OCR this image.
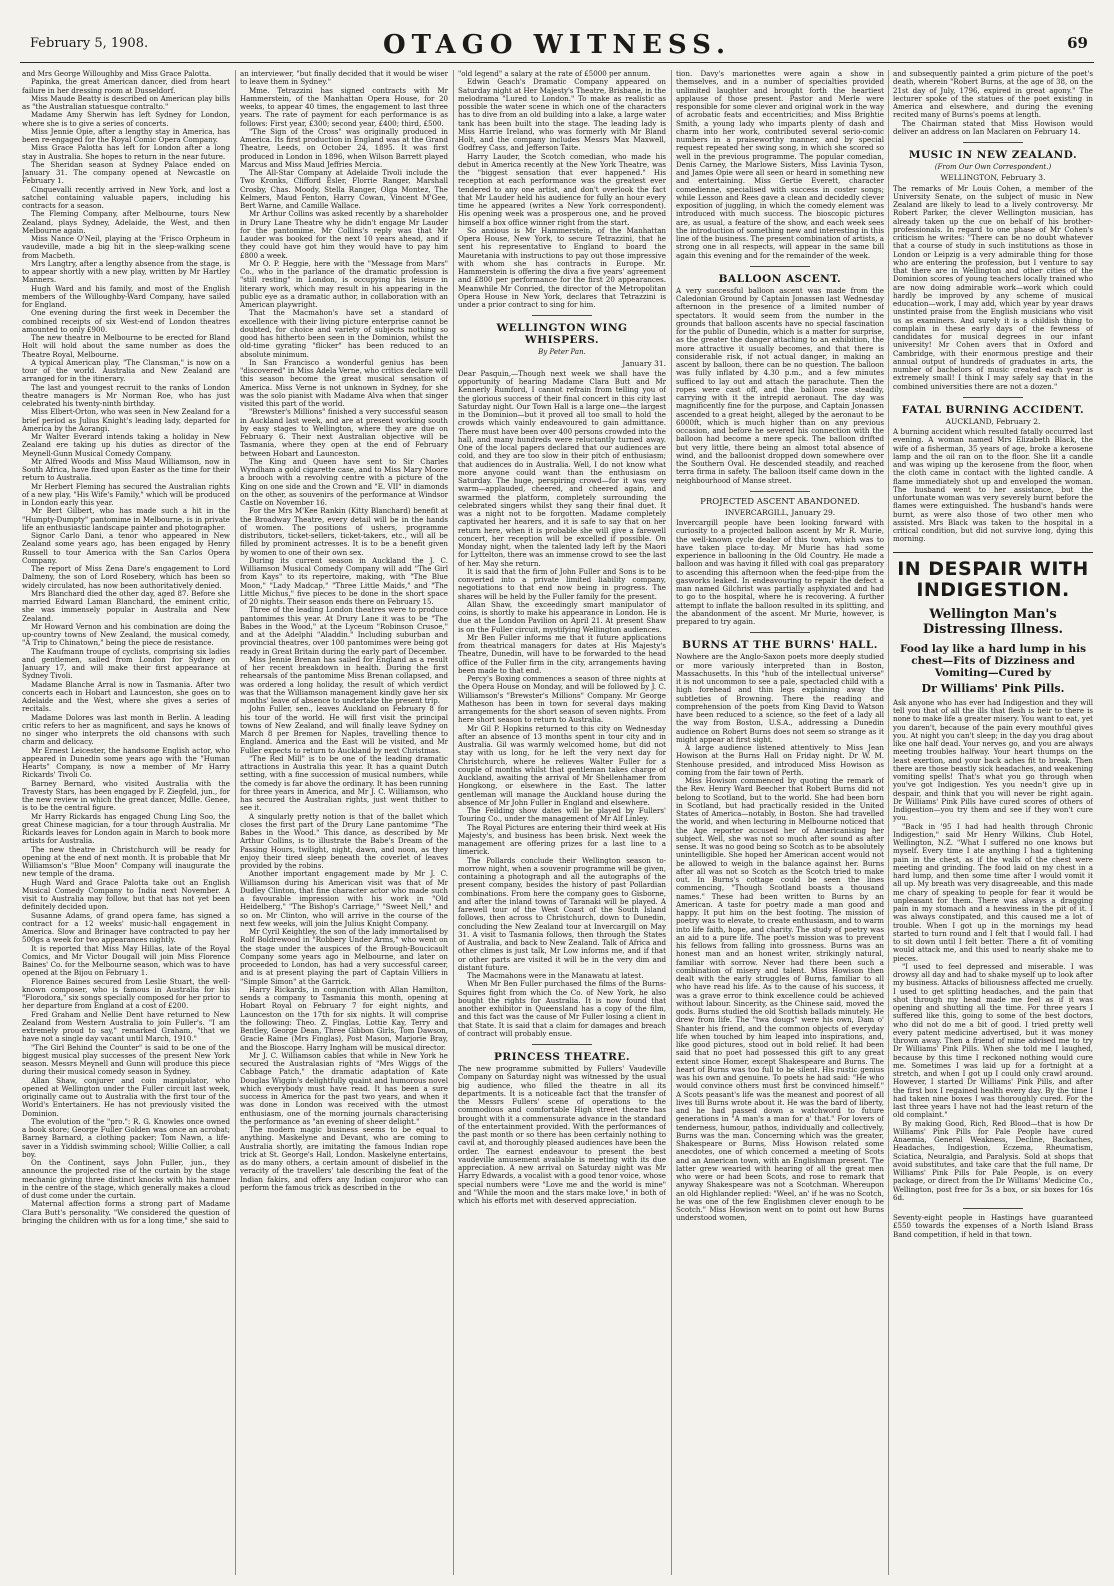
February 5, 1908.	OTAGO WITNESS.	69

and Mrs George Willoughby and Miss Grace Palotta.

Papinka, the great American dancer, died from heart failure in her dressing room at Dusseldorf.

Miss Maude Beatty is described on American play bills as "the Australian statuesque contralto."

Madame Amy Sherwin has left Sydney for London, where she is to give a series of concerts.

Miss Jennie Opie, after a lengthy stay in America, has been re-engaged for the Royal Comic Opera Company.

Miss Grace Palotta has left for London after a long stay in Australia. She hopes to return in the near future.

The Sheridan season at Sydney Palace ended on January 31. The company opened at Newcastle on February 1.

Cinquevalli recently arrived in New York, and lost a satchel containing valuable papers, including his contracts for a season.

The Fleming Company, after Melbourne, tours New Zealand, plays Sydney, Adelaide, the West, and then Melbourne again.

Miss Nance O'Neil, playing at the 'Frisco Orpheum in vaudeville, made a big hit in the sleep-walking scene from Macbeth.

Mrs Langtry, after a lengthy absence from the stage, is to appear shortly with a new play, written by Mr Hartley Manners.

Hugh Ward and his family, and most of the English members of the Willoughby-Ward Company, have sailed for England.

One evening during the first week in December the combined receipts of six West-end of London theatres amounted to only £900.

The new theatre in Melbourne to be erected for Bland Holt will hold about the same number as does the Theatre Royal, Melbourne.

A typical American play, "The Clansman," is now on a tour of the world. Australia and New Zealand are arranged for in the itinerary.

The last and youngest recruit to the ranks of London theatre managers is Mr Norman Roe, who has just celebrated his twenty-ninth birthday.

Miss Elbert-Orton, who was seen in New Zealand for a brief period as Julius Knight's leading lady, departed for America by the Aorangi.

Mr Walter Everard intends taking a holiday in New Zealand ere taking up his duties as director of the Meynell-Gunn Musical Comedy Company.

Mr Alfred Woods and Miss Maud Williamson, now in South Africa, have fixed upon Easter as the time for their return to Australia.

Mr Herbert Fleming has secured the Australian rights of a new play, "His Wife's Family," which will be produced in London early this year.

Mr Bert Gilbert, who has made such a hit in the "Humpty-Dumpty" pantomime in Melbourne, is in private life an enthusiastic landscape painter and photographer.

Signor Carlo Dani, a tenor who appeared in New Zealand some years ago, has been engaged by Henry Russell to tour America with the San Carlos Opera Company.

The report of Miss Zena Dare's engagement to Lord Dalmeny, the son of Lord Rosebery, which has been so widely circulated, has now been authoritatively denied.

Mrs Blanchard died the other day, aged 87. Before she married Edward Laman Blanchard, the eminent critic, she was immensely popular in Australia and New Zealand.

Mr Howard Vernon and his combination are doing the up-country towns of New Zealand, the musical comedy, "A Trip to Chinatown," being the piece de resistance.

The Kaufmann troupe of cyclists, comprising six ladies and gentlemen, sailed from London for Sydney on January 17, and will make their first appearance at Sydney Tivoli.

Madame Blanche Arral is now in Tasmania. After two concerts each in Hobart and Launceston, she goes on to Adelaide and the West, where she gives a series of recitals.

Madame Dolores was last month in Berlin. A leading critic refers to her as magnificent, and says he knows of no singer who interprets the old chansons with such charm and delicacy.

Mr Ernest Leicester, the handsome English actor, who appeared in Dunedin some years ago with the "Human Hearts" Company, is now a member of Mr Harry Rickards' Tivoli Co.

Barney Bernard, who visited Australia with the Travesty Stars, has been engaged by F. Ziegfeld, jun., for the new review in which the great dancer, Mdlle. Genee, is to be the central figure.

Mr Harry Rickards has engaged Chung Ling Soo, the great Chinese magician, for a tour through Australia. Mr Rickards leaves for London again in March to book more artists for Australia.

The new theatre in Christchurch will be ready for opening at the end of next month. It is probable that Mr Williamson's "Blue Moon" Company will inaugurate the new temple of the drama.

Hugh Ward and Grace Palotta take out an English Musical Comedy Company to India next November. A visit to Australia may follow, but that has not yet been definitely decided upon.

Susanne Adams, of grand opera fame, has signed a contract for a 12 weeks' music-hall engagement in America. Slow and Brinager have contracted to pay her 500gs a week for two appearances nightly.

It is reported that Miss May Hillas, late of the Royal Comics, and Mr Victor Dougall will join Miss Florence Baines' Co. for the Melbourne season, which was to have opened at the Bijou on February 1.

Florence Baines secured from Leslie Stuart, the well-known composer, who is famous in Australia for his "Florodora," six songs specially composed for her prior to her departure from England at a cost of £200.

Fred Graham and Nellie Dent have returned to New Zealand from Western Australia to join Fuller's. "I am extremely proud to say," remarked Graham, "that we have not a single day vacant until March, 1910."

"The Girl Behind the Counter" is said to be one of the biggest musical play successes of the present New York season. Messrs Meynell and Gunn will produce this piece during their musical comedy season in Sydney.

Allan Shaw, conjurer and coin manipulator, who opened at Wellington under the Fuller circuit last week, originally came out to Australia with the first tour of the World's Entertainers. He has not previously visited the Dominion.

The evolution of the "pro.": R. G. Knowles once owned a book store; George Fuller Golden was once an acrobat; Barney Barnard, a clothing packer; Tom Nawn, a life-saver in a Yiddish swimming school; Willie Collier, a call boy.

On the Continent, says John Fuller, jun., they announce the projected rise of the curtain by the stage mechanic giving three distinct knocks with his hammer in the centre of the stage, which generally makes a cloud of dust come under the curtain.

Maternal affection forms a strong part of Madame Clara Butt's personality. "We considered the question of bringing the children with us for a long time," she said to

an interviewer, "but finally decided that it would be wiser to leave them in Sydney."

Mme. Tetrazzini has signed contracts with Mr Hammerstein, of the Manhattan Opera House, for 20 weeks, to appear 40 times, the engagement to last three years. The rate of payment for each performance is as follows: First year, £300; second year, £400; third, £500.

"The Sign of the Cross" was originally produced in America. Its first production in England was at the Grand Theatre, Leeds, on October 24, 1895. It was first produced in London in 1896, when Wilson Barrett played Marcus and Miss Maud Jeffries Mercia.

The All-Star Company at Adelaide Tivoli include the Two Kronks, Clifford Esler, Florrie Ranger, Marshall Crosby, Chas. Moody, Stella Ranger, Olga Montez, The Kelmers, Maud Fenton, Harry Cowan, Vincent M'Gee, Bert Warne, and Camille Wallace.

Mr Arthur Collins was asked recently by a shareholder in Drury Lane Theatre why he didn't engage Mr Lauder for the pantomime. Mr Collins's reply was that Mr Lauder was booked for the next 10 years ahead, and if they could have got him they would have to pay him £800 a week.

Mr O. P. Heggie, here with the "Message from Mars" Co., who in the parlance of the dramatic profession is "still resting" in London, is occupying his leisure in literary work, which may result in his appearing in the public eye as a dramatic author, in collaboration with an American playwright.

That the Macmahon's have set a standard of excellence with their living picture enterprise cannot be doubted, for choice and variety of subjects nothing so good has hitherto been seen in the Dominion, whilst the old-time gyrating "flicker" has been reduced to an absolute minimum.

In San Francisco a wonderful genius has been "discovered" in Miss Adela Verne, who critics declare will this season become the great musical sensation of America. Miss Verne is not unknown in Sydney, for she was the solo pianist with Madame Alva when that singer visited this part of the world.

"Brewster's Millions" finished a very successful season in Auckland last week, and are at present working south by easy stages to Wellington, where they are due on February 6. Their next Australian objective will be Tasmania, where they open at the end of February between Hobart and Launceston.

The King and Queen have sent to Sir Charles Wyndham a gold cigarette case, and to Miss Mary Moore a brooch with a revolving centre with a picture of the King on one side and the Crown and "E. VII" in diamonds on the other, as souvenirs of the performance at Windsor Castle on November 16.

For the Mrs M'Kee Rankin (Kitty Blanchard) benefit at the Broadway Theatre, every detail will be in the hands of women. The positions of ushers, programme distributors, ticket-sellers, ticket-takers, etc., will all be filled by prominent actresses. It is to be a benefit given by women to one of their own sex.

During its current season in Auckland the J. C. Williamson Musical Comedy Company will add "The Girl from Kays" to its repertoire, making, with "The Blue Moon," "Lady Madcap," "Three Little Maids," and "The Little Michus," five pieces to be done in the short space of 20 nights. Their season ends there on February 15.

Three of the leading London theatres were to produce pantomimes this year. At Drury Lane it was to be "The Babes in the Wood," at the Lyceum "Robinson Crusoe," and at the Adelphi "Aladdin." Including suburban and provincial theatres, over 100 pantomimes were being got ready in Great Britain during the early part of December.

Miss Jennie Brenan has sailed for England as a result of her recent breakdown in health. During the first rehearsals of the pantomime Miss Brenan collapsed, and was ordered a long holiday, the result of which verdict was that the Williamson management kindly gave her six months' leave of absence to undertake the present trip.

John Fuller, sen., leaves Auckland on February 8 for his tour of the world. He will first visit the principal towns of New Zealand, and will finally leave Sydney on March 8 per Bremen for Naples, travelling thence to England. America and the East will be visited, and Mr Fuller expects to return to Auckland by next Christmas.

"The Red Mill" is to be one of the leading dramatic attractions in Australia this year. It has a quaint Dutch setting, with a fine succession of musical numbers, while the comedy is far above the ordinary. It has been running for three years in America, and Mr J. C. Williamson, who has secured the Australian rights, just went thither to see it.

A singularly pretty notion is that of the ballet which closes the first part of the Drury Lane pantomime "The Babes in the Wood." This dance, as described by Mr Arthur Collins, is to illustrate the Babe's Dream of the Passing Hours, twilight, night, dawn, and noon, as they enjoy their tired sleep beneath the coverlet of leaves provided by the robins.

Another important engagement made by Mr J. C. Williamson during his American visit was that of Mr Dudley Clinton, that fine character actor who made such a favourable impression with his work in "Old Heidelberg," "The Bishop's Carriage," "Sweet Nell," and so on. Mr Clinton, who will arrive in the course of the next few weeks, will join the Julius Knight Company.

Mr Cyril Keightley, the son of the lady immortalised by Rolf Boldrewood in "Robbery Under Arms," who went on the stage under the auspices of the Brough-Boucicault Company some years ago in Melbourne, and later on proceeded to London, has had a very successful career, and is at present playing the part of Captain Villiers in "Simple Simon" at the Garrick.

Harry Rickards, in conjunction with Allan Hamilton, sends a company to Tasmania this month, opening at Hobart Royal on February 7 for eight nights, and Launceston on the 17th for six nights. It will comprise the following: Theo. Z. Finglas, Lottie Kay, Terry and Bentley, George Dean, Three Gibbon Girls, Tom Dawson, Gracie Raine (Mrs Finglas), Post Mason, Marjorie Bray, and the Bioscope. Harry Ingham will be musical director.

Mr J. C. Williamson cables that while in New York he secured the Australasian rights of "Mrs Wiggs of the Cabbage Patch," the dramatic adaptation of Kate Douglas Wiggin's delightfully quaint and humorous novel which everybody must have read. It has been a sure success in America for the past two years, and when it was done in London was received with the utmost enthusiasm, one of the morning journals characterising the performance as "an evening of sheer delight."

The modern magic business seems to be equal to anything. Maskelyne and Devant, who are coming to Australia shortly, are imitating the famous Indian rope trick at St. George's Hall, London. Maskelyne entertains, as do many others, a certain amount of disbelief in the veracity of the travellers' tale describing the feat of the Indian fakirs, and offers any Indian conjuror who can perform the famous trick as described in the

"old legend" a salary at the rate of £5000 per annum.

Edwin Geach's Dramatic Company appeared on Saturday night at Her Majesty's Theatre, Brisbane, in the melodrama "Lured to London." To make as realistic as possible the water scene in which one of the characters has to dive from an old building into a lake, a large water tank has been built into the stage. The leading lady is Miss Harrie Ireland, who was formerly with Mr Bland Holt, and the company includes Messrs Max Maxwell, Godfrey Cass, and Jefferson Taite.

Harry Lauder, the Scotch comedian, who made his debut in America recently at the New York Theatre, was the "biggest sensation that ever happened." His reception at each performance was the greatest ever tendered to any one artist, and don't overlook the fact that Mr Lauder held his audience for fully an hour every time he appeared (writes a New York correspondent). His opening week was a prosperous one, and he proved himself a box office winner right from the start.

So anxious is Mr Hammerstein, of the Manhattan Opera House, New York, to secure Tetrazzini, that he sent his representative to England to board the Mauretania with instructions to pay out those impressive with whom she has contracts in Europe. Mr. Hammerstein is offering the diva a five years' agreement and £800 per performance for the first 20 appearances. Meanwhile Mr Conried, the director of the Metropolitan Opera House in New York, declares that Tetrazzini is under a prior contract to sing for him.

WELLINGTON WING WHISPERS.
By Peter Pan.
January 31.

Dear Pasquin,—Though next week we shall have the opportunity of hearing Madame Clara Butt and Mr Kennerly Rumford, I cannot refrain from telling you of the glorious success of their final concert in this city last Saturday night. Our Town Hall is a large one—the largest in the Dominion—but it proved all too small to hold the crowds which vainly endeavoured to gain admittance. There must have been over 400 persons crowded into the hall, and many hundreds were reluctantly turned away. One of the local papers declared that our audiences are cold, and they are too slow in their pitch of enthusiasm; that audiences do in Australia. Well, I do not know what more anyone could want than the enthusiasm on Saturday. The huge, perspiring crowd—for it was very warm—applauded, cheered, and cheered again, and swarmed the platform, completely surrounding the celebrated singers whilst they sang their final duet. It was a night not to be forgotten. Madame completely captivated her hearers, and it is safe to say that on her return here, when it is probable she will give a farewell concert, her reception will be excelled if possible. On Monday night, when the talented lady left by the Maori for Lyttelton, there was an immense crowd to see the last of her. May she return.

It is said that the firm of John Fuller and Sons is to be converted into a private limited liability company, negotiations to that end now being in progress. The shares will be held by the Fuller family for the present.

Allan Shaw, the exceedingly smart manipulator of coins, is shortly to make his appearance in London. He is due at the London Pavilion on April 21. At present Shaw is on the Fuller circuit, mystifying Wellington audiences.

Mr Ben Fuller informs me that it future applications from theatrical managers for dates at His Majesty's Theatre, Dunedin, will have to be forwarded to the head office of the Fuller firm in the city, arrangements having been made to that end.

Percy's Boxing commences a season of three nights at the Opera House on Monday, and will be followed by J. C. Williamson's "Brewster's Millions" Company. Mr George Matheson has been in town for several days making arrangements for the short season of seven nights. From here short season to return to Australia.

Mr Gil P. Hopkins returned to this city on Wednesday after an absence of 13 months spent in tour city and in Australia. Gil was warmly welcomed home, but did not stay with us long, for he left the very next day for Christchurch, where he relieves Walter Fuller for a couple of months whilst that gentleman takes charge of Auckland, awaiting the arrival of Mr Shellenhamer from Hongkong, or elsewhere in the East. The latter gentleman will manage the Auckland house during the absence of Mr John Fuller in England and elsewhere.

The Feilding show dates will be played by Fullers' Touring Co., under the management of Mr Alf Linley.

The Royal Pictures are entering their third week at His Majesty's, and business has been brisk. Next week the management are offering prizes for a last line to a limerick.

The Pollards conclude their Wellington season to-morrow night, when a souvenir programme will be given, containing a photograph and all the autographs of the present company, besides the history of past Pollardian combinations. From here the company goes to Gisborne, and after the inland towns of Taranaki will be played. A farewell tour of the West Coast of the South Island follows, then across to Christchurch, down to Dunedin, concluding the New Zealand tour at Invercargill on May 31. A visit to Tasmania follows, then through the States of Australia, and back to New Zealand. Talk of Africa and other climes is just talk, Mr Low informs me, and if that or other parts are visited it will be in the very dim and distant future.

The Macmahons were in the Manawatu at latest.

When Mr Ben Fuller purchased the films of the Burns-Squires fight from which the Co. of New York, he also bought the rights for Australia. It is now found that another exhibitor in Queensland has a copy of the film, and this fact was the cause of Mr Fuller losing a client in that State. It is said that a claim for damages and breach of contract will probably ensue.

PRINCESS THEATRE.

The new programme submitted by Fullers' Vaudeville Company on Saturday night was witnessed by the usual big audience, who filled the theatre in all its departments. It is a noticeable fact that the transfer of the Messrs Fullers' scene of operations to the commodious and comfortable High street theatre has brought with it a commensurate advance in the standard of the entertainment provided. With the performances of the past month or so there has been certainly nothing to cavil at, and thoroughly pleased audiences have been the order. The earnest endeavour to present the best vaudeville amusement available is meeting with its due appreciation. A new arrival on Saturday night was Mr Harry Edwards, a vocalist with a good tenor voice, whose special numbers were "Love me and the world is mine" and "While the moon and the stars make love," in both of which his efforts met with deserved appreciation.

tion. Davy's marionettes were again a show in themselves, and in a number of specialties provided unlimited laughter and brought forth the heartiest applause of those present. Pastor and Merle were responsible for some clever and original work in the way of acrobatic feats and eccentricities; and Miss Brightie Smith, a young lady who imparts plenty of dash and charm into her work, contributed several serio-comic numbers in a praiseworthy manner, and by special request repeated her swing song, in which she scored so well in the previous programme. The popular comedian, Denis Carney, the Marlowe Sisters, Miss Lavinia Tyson, and James Opie were all seen or heard in something new and entertaining. Miss Gertie Everett, character comedienne, specialised with success in coster songs; while Lesson and Rees gave a clean and decidedly clever exposition of juggling, in which the comedy element was introduced with much success. The bioscopic pictures are, as usual, a feature of the show, and each week sees the introduction of something new and interesting in this line of the business. The present combination of artists, a strong one in all respects, will appear in the same bill again this evening and for the remainder of the week.

BALLOON ASCENT.

A very successful balloon ascent was made from the Caledonian Ground by Captain Jonassen last Wednesday afternoon in the presence of a limited number of spectators. It would seem from the number in the grounds that balloon ascents have no special fascination for the public of Dunedin, which is a matter for surprise, as the greater the danger attaching to an exhibition, the more attractive it usually becomes, and that there is considerable risk, if not actual danger, in making an ascent by balloon, there can be no question. The balloon was fully inflated by 4.30 p.m., and a few minutes sufficed to lay out and attach the parachute. Then the ropes were cast off, and the balloon rose steadily, carrying with it the intrepid aeronaut. The day was magnificently fine for the purpose, and Captain Jonassen ascended to a great height, alleged by the aeronaut to be 6000ft, which is much higher than on any previous occasion, and before he severed his connection with the balloon had become a mere speck. The balloon drifted but very little, there being an almost total absence of wind, and the balloonist dropped down somewhere over the Southern Oval. He descended steadily, and reached terra firma in safety. The balloon itself came down in the neighbourhood of Manse street.

PROJECTED ASCENT ABANDONED.
INVERCARGILL, January 29.

Invercargill people have been looking forward with curiosity to a projected balloon ascent by Mr R. Murie, the well-known cycle dealer of this town, which was to have taken place to-day. Mr Murie has had some experience in ballooning in the Old Country. He made a balloon and was having it filled with coal gas preparatory to ascending this afternoon when the feed-pipe from the gasworks leaked. In endeavouring to repair the defect a man named Gilchrist was partially asphyxiated and had to go to the hospital, where he is recovering. A further attempt to inflate the balloon resulted in its splitting, and the abandonment of the ascent. Mr Murie, however, is prepared to try again.

BURNS AT THE BURNS' HALL.

Nowhere are the Anglo-Saxon poets more deeply studied or more variously interpreted than in Boston, Massachusetts. In this "hub of the intellectual universe" it is not uncommon to see a pale, spectacled child with a high forehead and thin legs explaining away the subtleties of Browning. There the reading and comprehension of the poets from King David to Watson have been reduced to a science, so the feet of a lady all the way from Boston, U.S.A., addressing a Dunedin audience on Robert Burns does not seem so strange as it might appear at first sight.

A large audience listened attentively to Miss Jean Howison at the Burns Hall on Friday night. Dr W. M. Stenhouse presided, and introduced Miss Howison as coming from the fair town of Perth.

Miss Howison commenced by quoting the remark of the Rev. Henry Ward Beecher that Robert Burns did not belong to Scotland, but to the world. She had been born in Scotland, but had practically resided in the United States of America—notably, in Boston. She had travelled the world, and when lecturing in Melbourne noticed that the Age reporter accused her of Americanising her subject. Well, she was not so much after sound as after sense. It was no good being so Scotch as to be absolutely unintelligible. She hoped her American accent would not be allowed to weigh in the balance against her. Burns after all was not so Scotch as the Scotch tried to make out. In Burns's cottage could be seen the lines commencing, "Though Scotland boasts a thousand names." These had been written to Burns by an American. A taste for poetry made a man good and happy. It put him on the best footing. The mission of poetry was to elevate, to create enthusiasm, and to warm into life faith, hope, and charity. The study of poetry was an aid to a pure life. The poet's mission was to prevent his fellows from falling into grossness. Burns was an honest man and an honest writer, strikingly natural, familiar with sorrow. Never had there been such a combination of misery and talent. Miss Howison then dealt with the early struggles of Burns, familiar to all who have read his life. As to the cause of his success, it was a grave error to think excellence could be achieved without labour. Sincerity, as the Chinese said, moved the gods. Burns studied the old Scottish ballads minutely. He drew from life. The "twa dougs" were his own, Dam o' Shanter his friend, and the common objects of everyday life when touched by him leaped into inspirations, and, like good pictures, stood out in bold relief. It had been said that no poet had possessed this gift to any great extent since Homer, except Shakespeare and Burns. The heart of Burns was too full to be silent. His rustic genius was his own and genuine. To poets he had said: "He who would convince others must first be convinced himself." A Scots peasant's life was the meanest and poorest of all lives till Burns wrote about it. He was the bard of liberty, and he had passed down a watchword to future generations in "A man's a man for a' that." For lovers of tenderness, humour, pathos, individually and collectively, Burns was the man. Concerning which was the greater, Shakespeare or Burns, Miss Howison related some anecdotes, one of which concerned a meeting of Scots and an American town, with an Englishman present. The latter grew wearied with hearing of all the great men who were or had been Scots, and rose to remark that anyway Shakespeare was not a Scotchman. Whereupon an old Highlander replied: "Weel, an' if he was no Scotch, he was one of the few Englishmen clever enough to be Scotch." Miss Howison went on to point out how Burns understood women,

and subsequently painted a grim picture of the poet's death, wherein "Robert Burns, at the age of 38, on the 21st day of July, 1796, expired in great agony." The lecturer spoke of the statues of the poet existing in America and elsewhere, and during the evening recited many of Burns's poems at length.

The Chairman stated that Miss Howison would deliver an address on Ian Maclaren on February 14.

MUSIC IN NEW ZEALAND.
(From Our Own Correspondent.)
WELLINGTON, February 3.

The remarks of Mr Louis Cohen, a member of the University Senate, on the subject of music in New Zealand are likely to lead to a lively controversy. Mr Robert Parker, the clever Wellington musician, has already taken up the cue on behalf of his brother-professionals. In regard to one phase of Mr Cohen's criticism he writes: "There can be no doubt whatever that a course of study in such institutions as those in London or Leipzig is a very admirable thing for those who are entering the profession, but I venture to say that there are in Wellington and other cities of the Dominion scores of young teachers locally trained who are now doing admirable work—work which could hardly be improved by any scheme of musical education—work, I may add, which year by year draws unstinted praise from the English musicians who visit us as examiners. And surely it is a childish thing to complain in these early days of the fewness of candidates for musical degrees in our infant university! Mr Cohen avers that in Oxford and Cambridge, with their enormous prestige and their annual output of hundreds of graduates in arts, the number of bachelors of music created each year is extremely small! I think I may safely say that in the combined universities there are not a dozen."

FATAL BURNING ACCIDENT.
AUCKLAND, February 2.

A burning accident which resulted fatally occurred last evening. A woman named Mrs Elizabeth Black, the wife of a fisherman, 35 years of age, broke a kerosene lamp and the oil ran on to the floor. She lit a candle and was wiping up the kerosene from the floor, when the cloth came in contact with the lighted candle. A flame immediately shot up and enveloped the woman. The husband went to her assistance, but the unfortunate woman was very severely burnt before the flames were extinguished. The husband's hands were burnt, as were also those of two other men who assisted. Mrs Black was taken to the hospital in a critical condition, but did not survive long, dying this morning.

IN DESPAIR WITH INDIGESTION.
Wellington Man's Distressing Illness.
Food lay like a hard lump in his chest—Fits of Dizziness and Vomiting—Cured by
Dr Williams' Pink Pills.

Ask anyone who has ever had Indigestion and they will tell you that of all the ills that flesh is heir to there is none to make life a greater misery. You want to eat, yet you daren't, because of the pain every mouthful gives you. At night you can't sleep; in the day you drag about like one half dead. Your nerves go, and you are always meeting troubles halfway. Your heart thumps on the least exertion, and your back aches fit to break. Then there are those beastly sick headaches, and weakening vomiting spells! That's what you go through when you've got Indigestion. Yes you needn't give up in despair, and think that you will never be right again. Dr Williams' Pink Pills have cured scores of others of Indigestion—you try them and see if they won't cure you.

"Back in '95 I had had health through Chronic Indigestion," said Mr Henry Wilkins, Club Hotel, Wellington, N.Z. "What I suffered no one knows but myself. Every time I ate anything I had a tightening pain in the chest, as if the walls of the chest were meeting and grinding. The food laid on my chest in a hard lump, and then some time after I would vomit it all up. My breath was very disagreeable, and this made me chary of speaking to people for fear it would be unpleasant for them. There was always a dragging pain in my stomach and a heaviness in the pit of it. I was always constipated, and this caused me a lot of trouble. When I got up in the mornings my head started to turn round and I felt that I would fall. I had to sit down until I felt better. There a fit of vomiting would attack me, and this used to nearly shake me to pieces.

"I used to feel depressed and miserable. I was drowsy all day and had to shake myself up to look after my business. Attacks of biliousness affected me cruelly. I used to get splitting headaches, and the pain that shot through my head made me feel as if it was opening and shutting all the time. For three years I suffered like this, going to some of the best doctors, who did not do me a bit of good. I tried pretty well every patent medicine advertised, but it was money thrown away. Then a friend of mine advised me to try Dr Williams' Pink Pills. When she told me I laughed, because by this time I reckoned nothing would cure me. Sometimes I was laid up for a fortnight at a stretch, and when I got up I could only crawl around. However, I started Dr Williams' Pink Pills, and after the first box I regained health every day. By the time I had taken nine boxes I was thoroughly cured. For the last three years I have not had the least return of the old complaint."

By making Good, Rich, Red Blood—that is how Dr Williams' Pink Pills for Pale People have cured Anaemia, General Weakness, Decline, Backaches, Headaches, Indigestion, Eczema, Rheumatism, Sciatica, Neuralgia, and Paralysis. Sold at shops that avoid substitutes, and take care that the full name, Dr Williams' Pink Pills for Pale People, is on every package, or direct from the Dr Williams' Medicine Co., Wellington, post free for 3s a box, or six boxes for 16s 6d.

Seventy-eight people in Hastings have guaranteed £550 towards the expenses of a North Island Brass Band competition, if held in that town.
